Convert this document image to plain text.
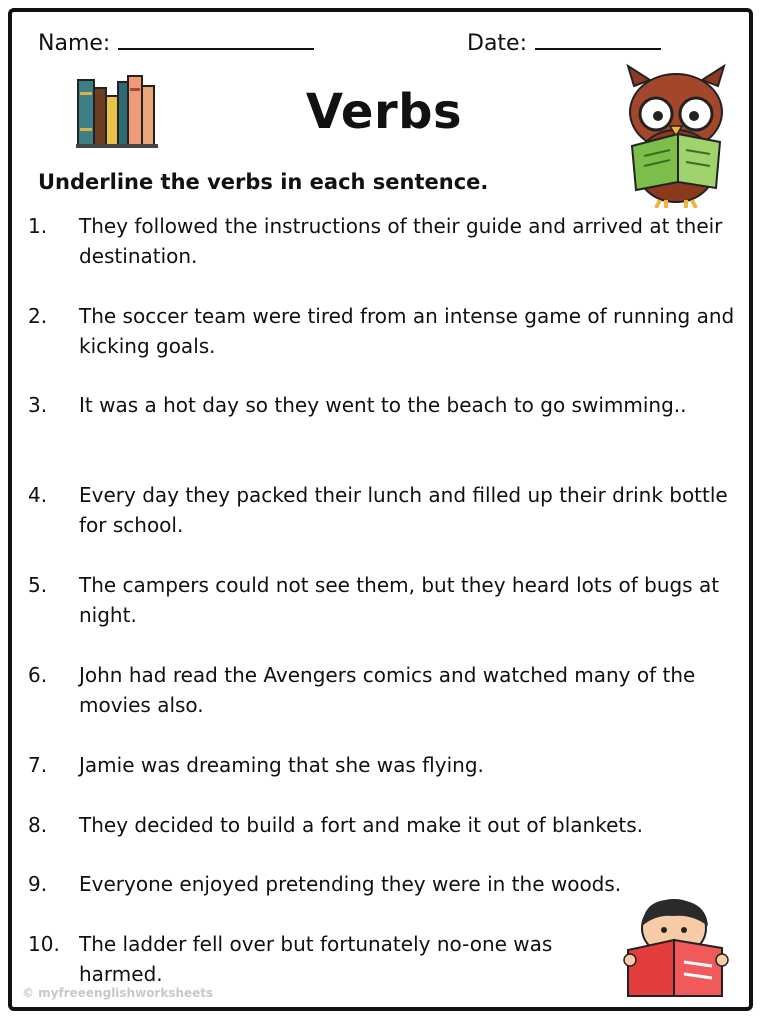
Name:	Date:
Verbs
Underline the verbs in each sentence.
1.	They followed the instructions of their guide and arrived at their destination.
2.	The soccer team were tired from an intense game of running and kicking goals.
3.	It was a hot day so they went to the beach to go swimming..
4.	Every day they packed their lunch and filled up their drink bottle for school.
5.	The campers could not see them, but they heard lots of bugs at night.
6.	John had read the Avengers comics and watched many of the movies also.
7.	Jamie was dreaming that she was flying.
8.	They decided to build a fort and make it out of blankets.
9.	Everyone enjoyed pretending they were in the woods.
10. The ladder fell over but fortunately no-one was harmed.
© myfreeenglishworksheets
